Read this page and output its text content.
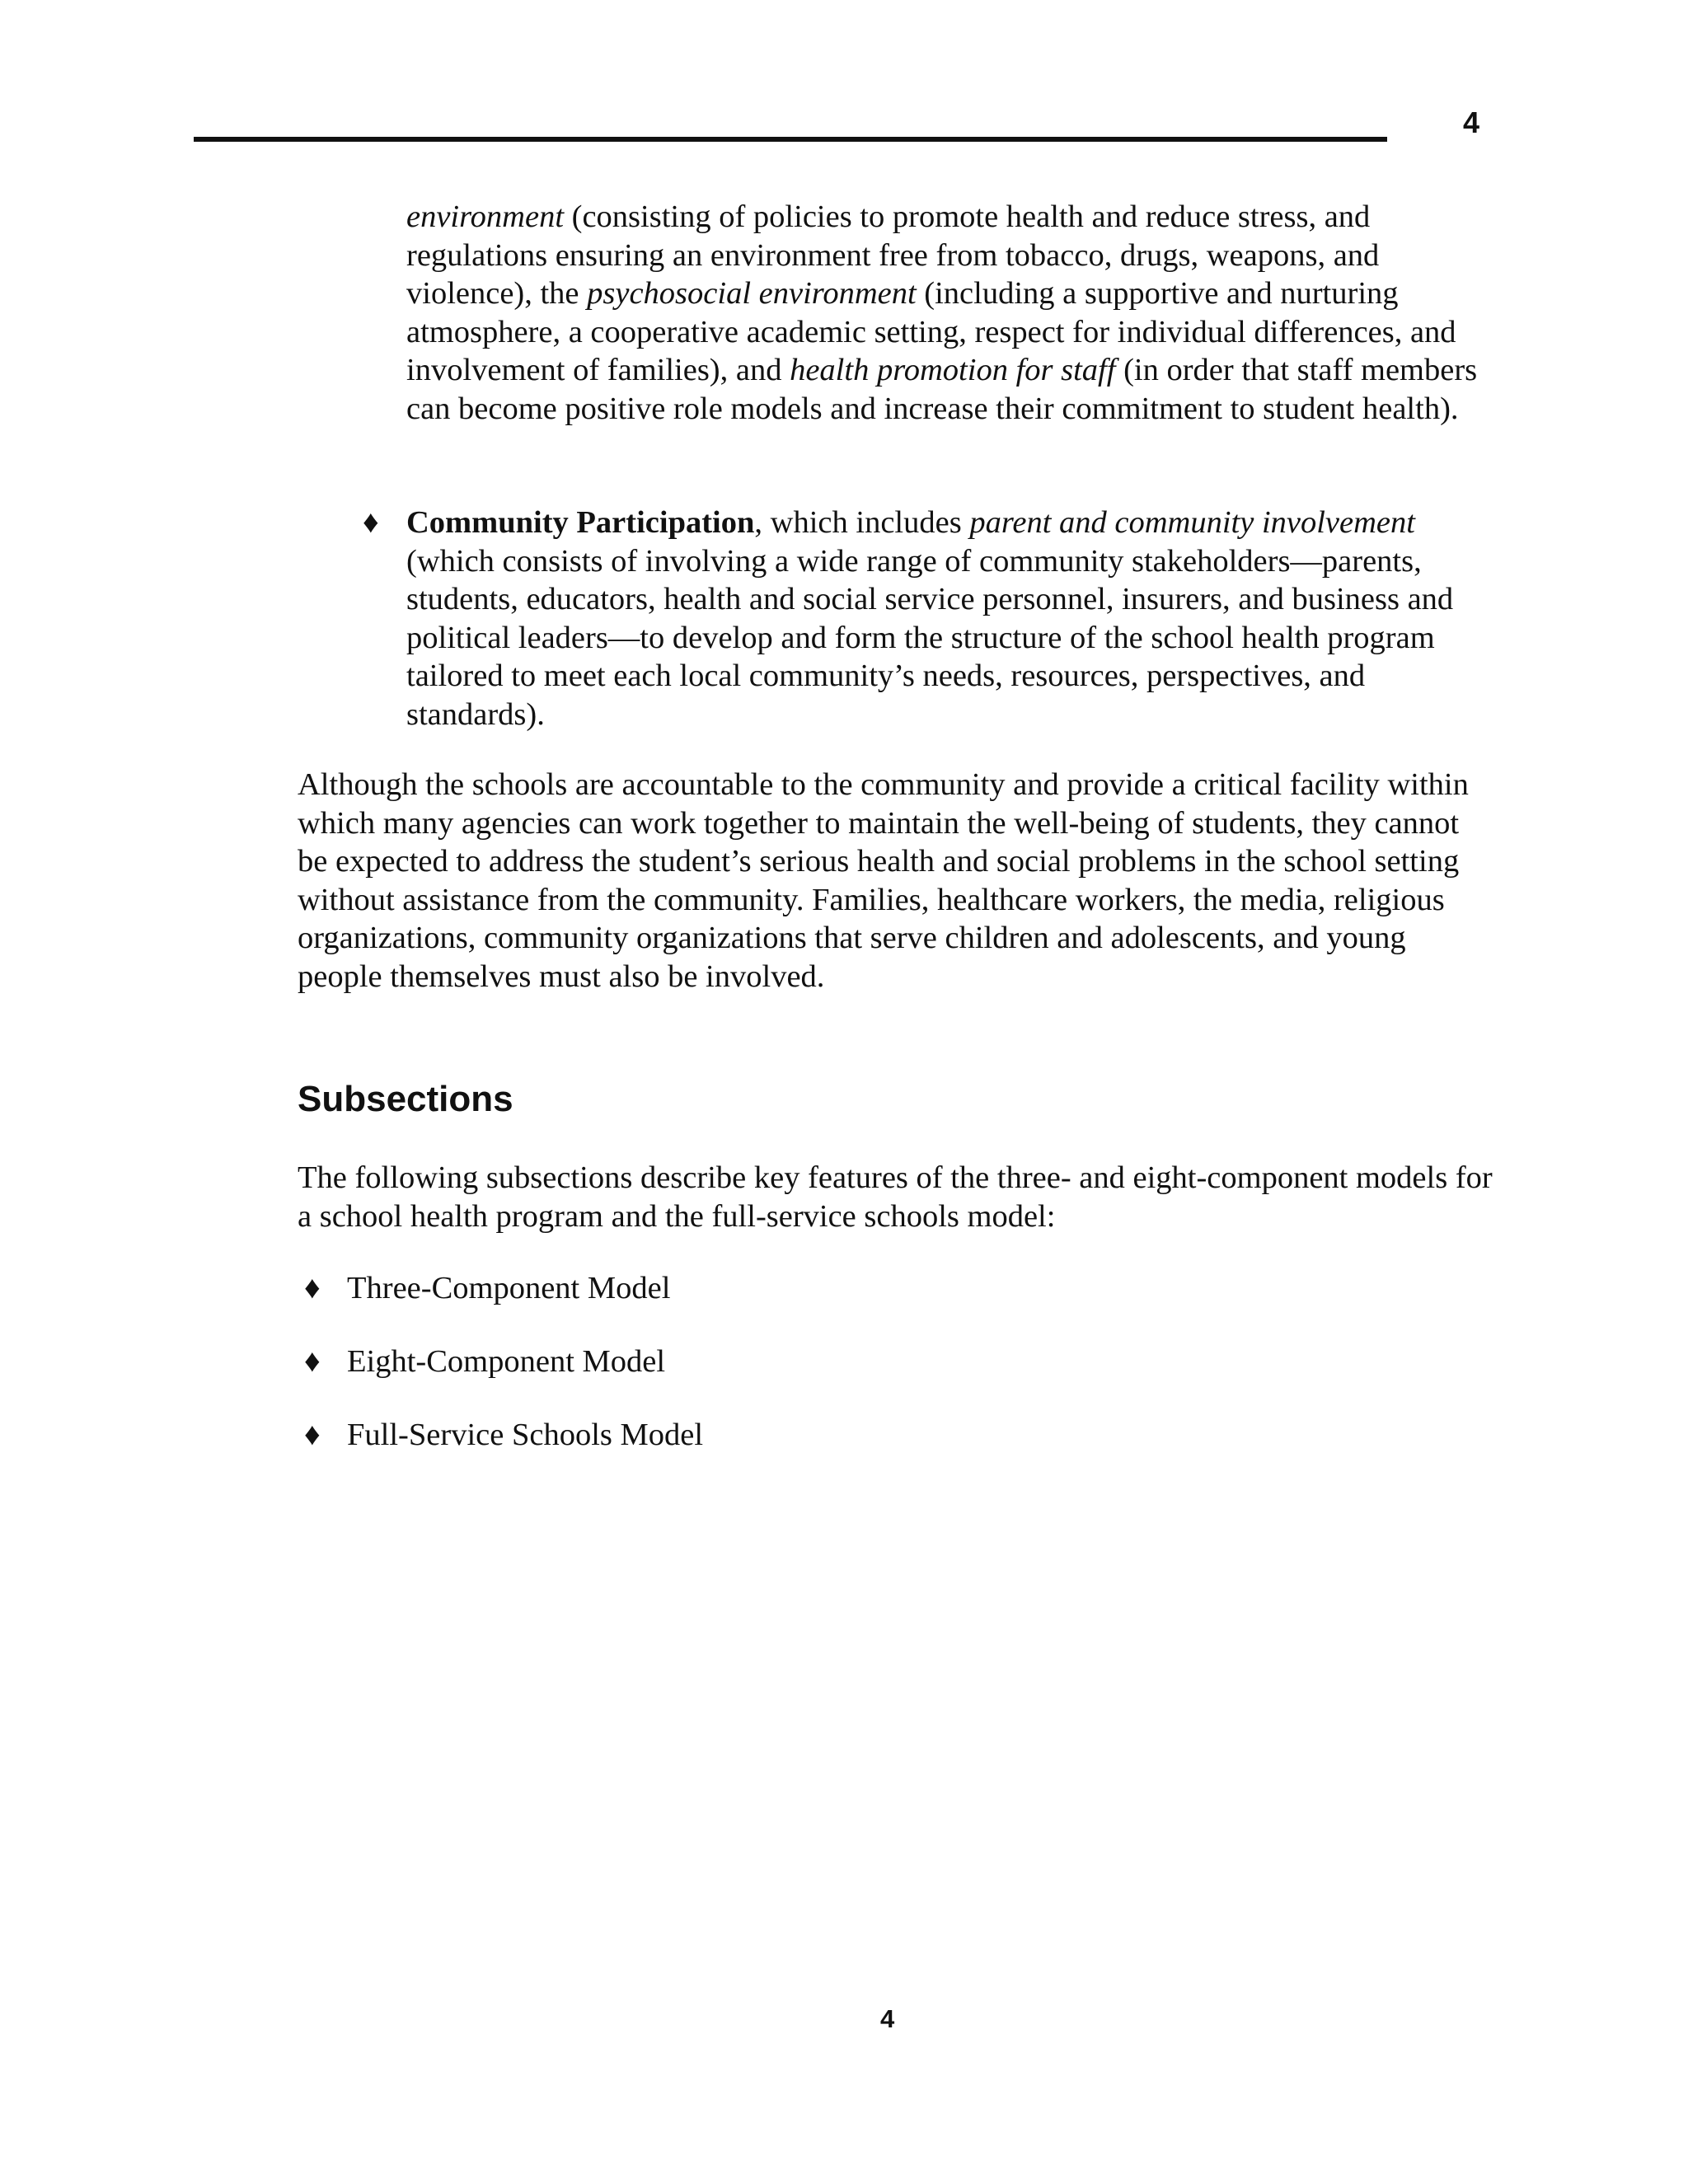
4

environment (consisting of policies to promote health and reduce stress, and regulations ensuring an environment free from tobacco, drugs, weapons, and violence), the psychosocial environment (including a supportive and nurturing atmosphere, a cooperative academic setting, respect for individual differences, and involvement of families), and health promotion for staff (in order that staff members can become positive role models and increase their commitment to student health).

♦ Community Participation, which includes parent and community involvement (which consists of involving a wide range of community stakeholders—parents, students, educators, health and social service personnel, insurers, and business and political leaders—to develop and form the structure of the school health program tailored to meet each local community’s needs, resources, perspectives, and standards).

Although the schools are accountable to the community and provide a critical facility within which many agencies can work together to maintain the well-being of students, they cannot be expected to address the student’s serious health and social problems in the school setting without assistance from the community. Families, healthcare workers, the media, religious organizations, community organizations that serve children and adolescents, and young people themselves must also be involved.

Subsections

The following subsections describe key features of the three- and eight-component models for a school health program and the full-service schools model:

♦ Three-Component Model
♦ Eight-Component Model
♦ Full-Service Schools Model
4
